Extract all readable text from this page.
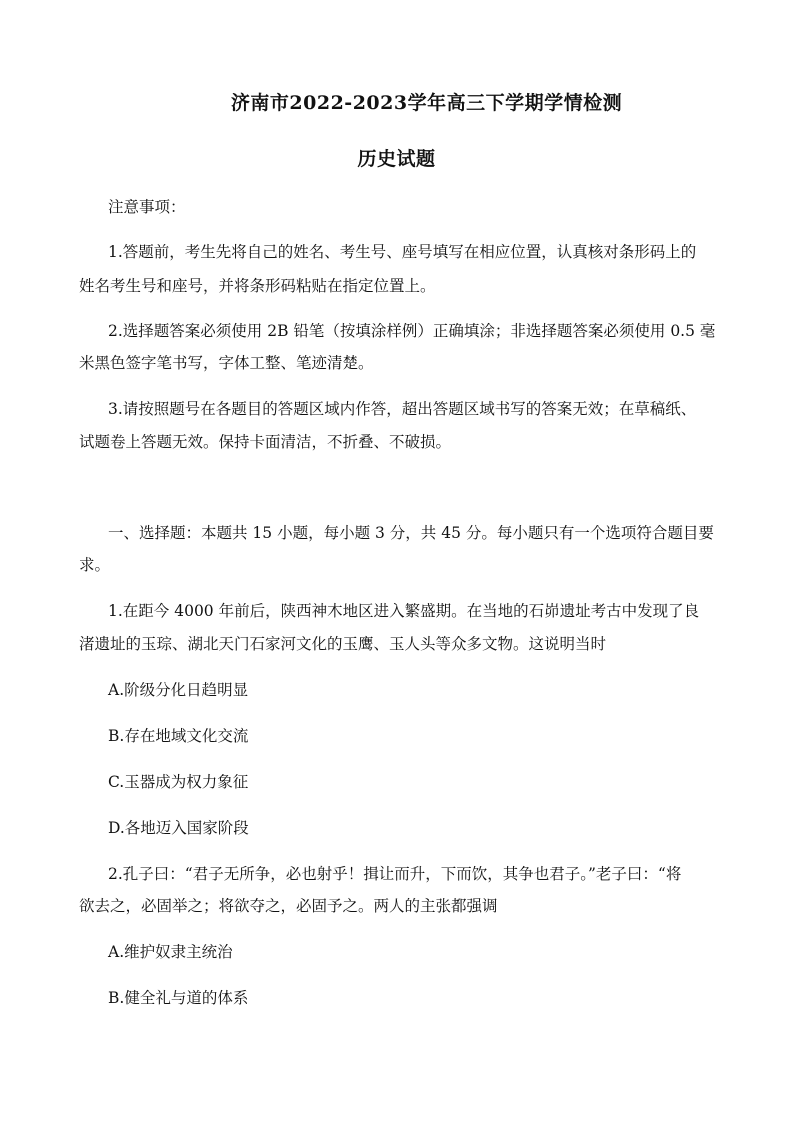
济南市2022-2023学年高三下学期学情检测
历史试题
注意事项：
1.答题前，考生先将自己的姓名、考生号、座号填写在相应位置，认真核对条形码上的
姓名考生号和座号，并将条形码粘贴在指定位置上。
2.选择题答案必须使用 2B 铅笔（按填涂样例）正确填涂；非选择题答案必须使用 0.5 毫
米黑色签字笔书写，字体工整、笔迹清楚。
3.请按照题号在各题目的答题区域内作答，超出答题区域书写的答案无效；在草稿纸、
试题卷上答题无效。保持卡面清洁，不折叠、不破损。
一、选择题：本题共 15 小题，每小题 3 分，共 45 分。每小题只有一个选项符合题目要
求。
1.在距今 4000 年前后，陕西神木地区进入繁盛期。在当地的石峁遗址考古中发现了良
渚遗址的玉琮、湖北天门石家河文化的玉鹰、玉人头等众多文物。这说明当时
A.阶级分化日趋明显
B.存在地域文化交流
C.玉器成为权力象征
D.各地迈入国家阶段
2.孔子曰：“君子无所争，必也射乎！揖让而升，下而饮，其争也君子。”老子曰：“将
欲去之，必固举之；将欲夺之，必固予之。两人的主张都强调
A.维护奴隶主统治
B.健全礼与道的体系
